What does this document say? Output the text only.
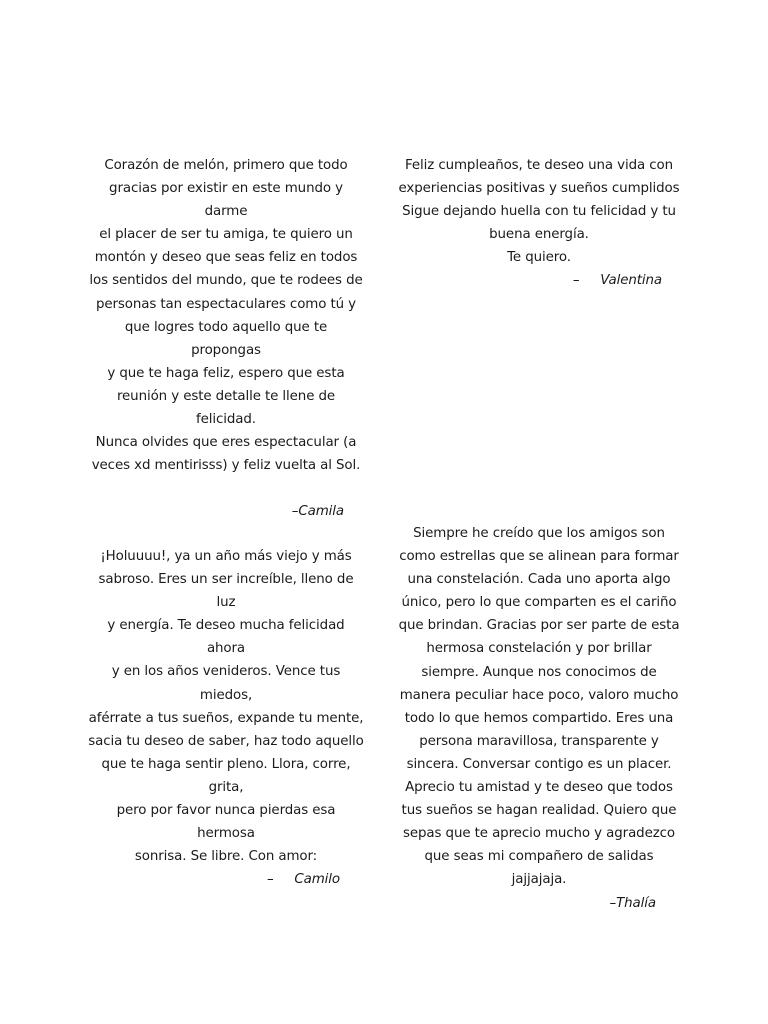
Corazón de melón, primero que todo

gracias por existir en este mundo y darme

el placer de ser tu amiga, te quiero un

montón y deseo que seas feliz en todos

los sentidos del mundo, que te rodees de

personas tan espectaculares como tú y

que logres todo aquello que te propongas

y que te haga feliz, espero que esta

reunión y este detalle te llene de felicidad.

Nunca olvides que eres espectacular (a

veces xd mentirisss) y feliz vuelta al Sol.

–Camila

Feliz cumpleaños, te deseo una vida con

experiencias positivas y sueños cumplidos

Sigue dejando huella con tu felicidad y tu

buena energía.

Te quiero.

–     Valentina

¡Holuuuu!, ya un año más viejo y más

sabroso. Eres un ser increíble, lleno de luz

y energía. Te deseo mucha felicidad ahora

y en los años venideros. Vence tus miedos,

aférrate a tus sueños, expande tu mente,

sacia tu deseo de saber, haz todo aquello

que te haga sentir pleno. Llora, corre, grita,

pero por favor nunca pierdas esa hermosa

sonrisa. Se libre. Con amor:

–     Camilo

Siempre he creído que los amigos son

como estrellas que se alinean para formar

una constelación. Cada uno aporta algo

único, pero lo que comparten es el cariño

que brindan. Gracias por ser parte de esta

hermosa constelación y por brillar

siempre. Aunque nos conocimos de

manera peculiar hace poco, valoro mucho

todo lo que hemos compartido. Eres una

persona maravillosa, transparente y

sincera. Conversar contigo es un placer.

Aprecio tu amistad y te deseo que todos

tus sueños se hagan realidad. Quiero que

sepas que te aprecio mucho y agradezco

que seas mi compañero de salidas

jajjajaja.

–Thalía
